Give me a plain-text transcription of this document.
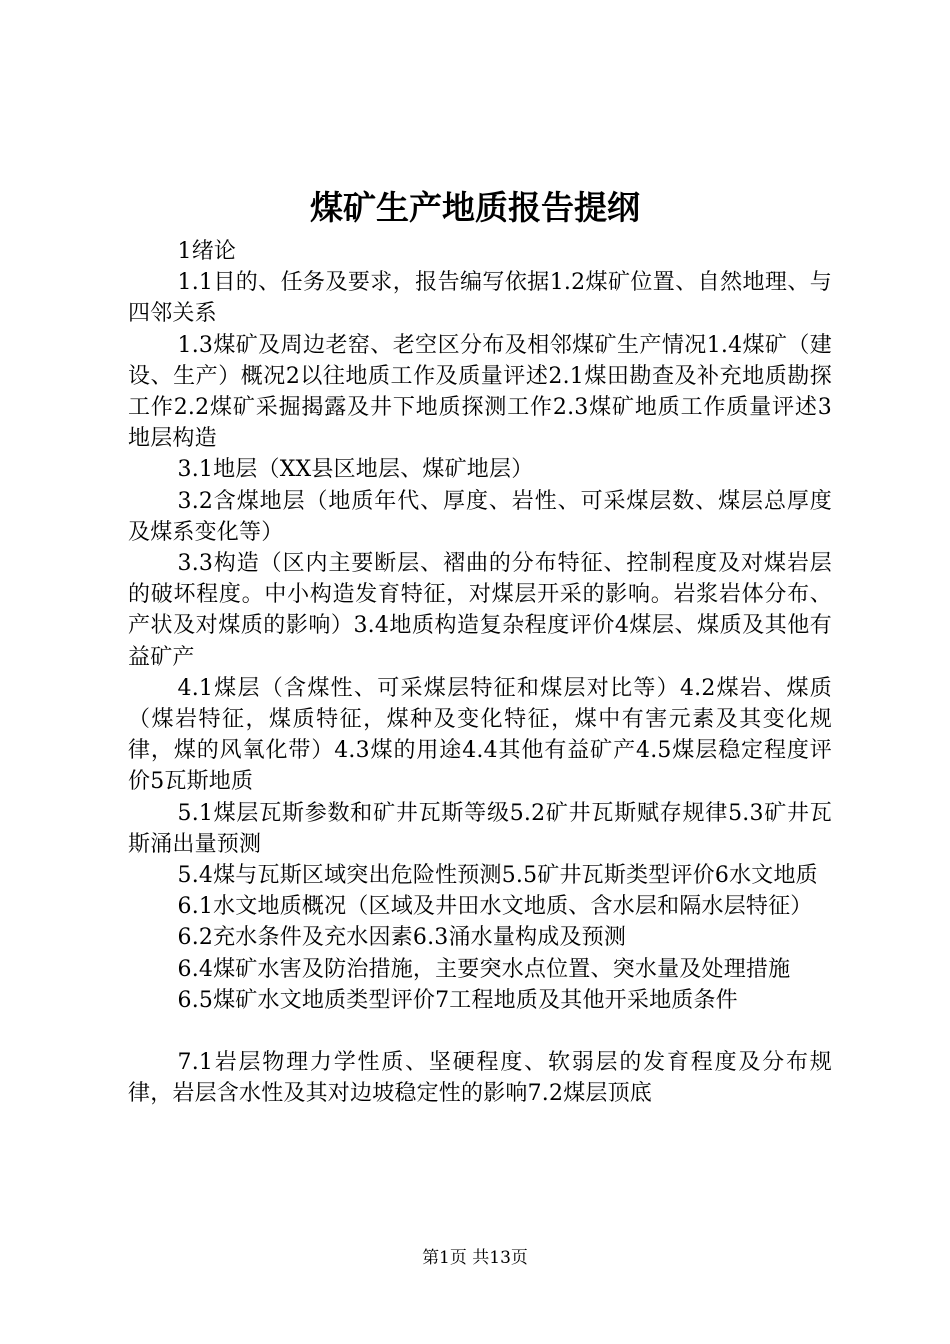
煤矿生产地质报告提纲

1绪论

1.1目的、任务及要求，报告编写依据1.2煤矿位置、自然地理、与四邻关系

1.3煤矿及周边老窑、老空区分布及相邻煤矿生产情况1.4煤矿（建设、生产）概况2以往地质工作及质量评述2.1煤田勘查及补充地质勘探工作2.2煤矿采掘揭露及井下地质探测工作2.3煤矿地质工作质量评述3地层构造

3.1地层（XX县区地层、煤矿地层）

3.2含煤地层（地质年代、厚度、岩性、可采煤层数、煤层总厚度及煤系变化等）

3.3构造（区内主要断层、褶曲的分布特征、控制程度及对煤岩层的破坏程度。中小构造发育特征，对煤层开采的影响。岩浆岩体分布、产状及对煤质的影响）3.4地质构造复杂程度评价4煤层、煤质及其他有益矿产

4.1煤层（含煤性、可采煤层特征和煤层对比等）4.2煤岩、煤质（煤岩特征，煤质特征，煤种及变化特征，煤中有害元素及其变化规律，煤的风氧化带）4.3煤的用途4.4其他有益矿产4.5煤层稳定程度评价5瓦斯地质

5.1煤层瓦斯参数和矿井瓦斯等级5.2矿井瓦斯赋存规律5.3矿井瓦斯涌出量预测

5.4煤与瓦斯区域突出危险性预测5.5矿井瓦斯类型评价6水文地质

6.1水文地质概况（区域及井田水文地质、含水层和隔水层特征）

6.2充水条件及充水因素6.3涌水量构成及预测

6.4煤矿水害及防治措施，主要突水点位置、突水量及处理措施

6.5煤矿水文地质类型评价7工程地质及其他开采地质条件

7.1岩层物理力学性质、坚硬程度、软弱层的发育程度及分布规律，岩层含水性及其对边坡稳定性的影响7.2煤层顶底

第1页 共13页
